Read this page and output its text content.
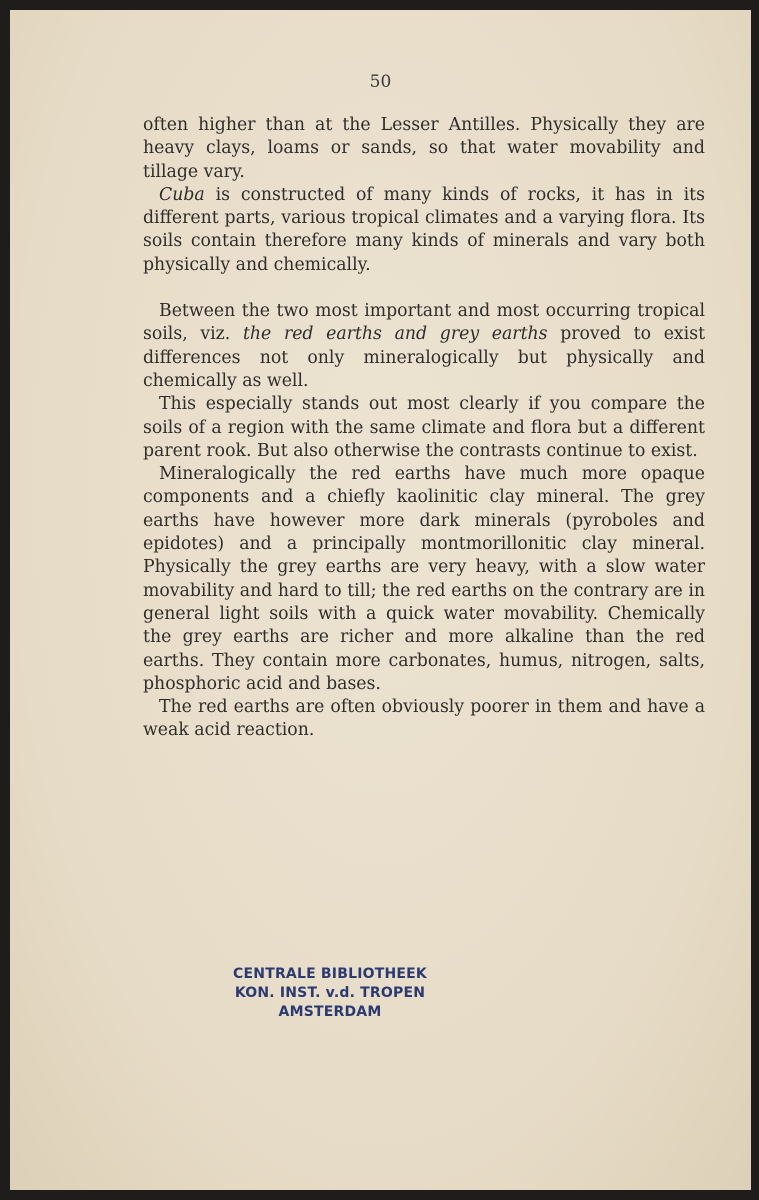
50

often higher than at the Lesser Antilles. Physically they are heavy clays, loams or sands, so that water movability and tillage vary.

Cuba is constructed of many kinds of rocks, it has in its different parts, various tropical climates and a varying flora. Its soils contain therefore many kinds of minerals and vary both physically and chemically.

Between the two most important and most occurring tropical soils, viz. the red earths and grey earths proved to exist differences not only mineralogically but physically and chemically as well.

This especially stands out most clearly if you compare the soils of a region with the same climate and flora but a different parent rook. But also otherwise the contrasts continue to exist.

Mineralogically the red earths have much more opaque components and a chiefly kaolinitic clay mineral. The grey earths have however more dark minerals (pyroboles and epidotes) and a principally montmorillonitic clay mineral. Physically the grey earths are very heavy, with a slow water movability and hard to till; the red earths on the contrary are in general light soils with a quick water movability. Chemically the grey earths are richer and more alkaline than the red earths. They contain more carbonates, humus, nitrogen, salts, phosphoric acid and bases.

The red earths are often obviously poorer in them and have a weak acid reaction.

CENTRALE BIBLIOTHEEK
KON. INST. v.d. TROPEN
AMSTERDAM
